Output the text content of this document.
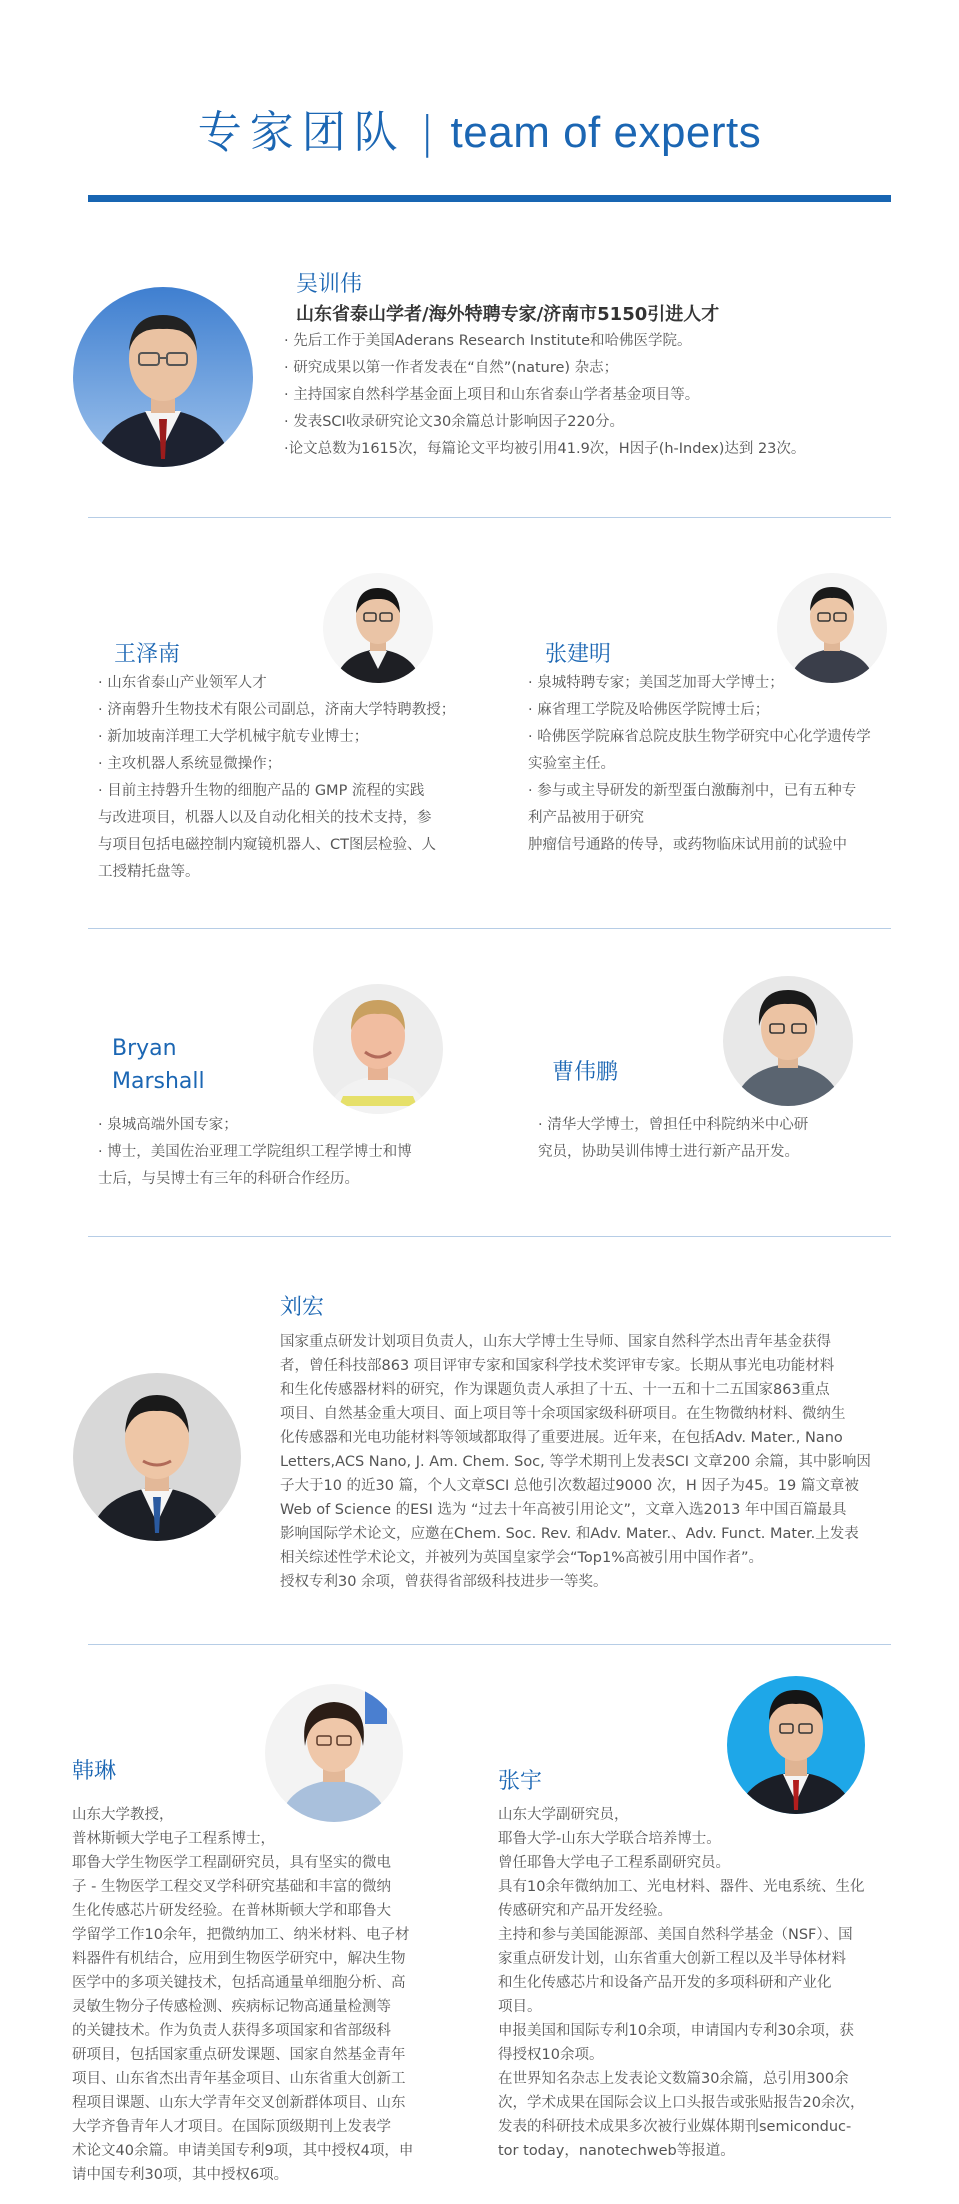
专家团队 | team of experts
吴训伟
山东省泰山学者/海外特聘专家/济南市5150引进人才
· 先后工作于美国Aderans Research Institute和哈佛医学院。
· 研究成果以第一作者发表在“自然”(nature) 杂志；
· 主持国家自然科学基金面上项目和山东省泰山学者基金项目等。
· 发表SCI收录研究论文30余篇总计影响因子220分。
·论文总数为1615次，每篇论文平均被引用41.9次，H因子(h-Index)达到 23次。
王泽南
· 山东省泰山产业领军人才
· 济南磐升生物技术有限公司副总，济南大学特聘教授；
· 新加坡南洋理工大学机械宇航专业博士；
· 主攻机器人系统显微操作；
· 目前主持磐升生物的细胞产品的 GMP 流程的实践
与改进项目，机器人以及自动化相关的技术支持，参
与项目包括电磁控制内窥镜机器人、CT图层检验、人
工授精托盘等。
张建明
· 泉城特聘专家；美国芝加哥大学博士；
· 麻省理工学院及哈佛医学院博士后；
· 哈佛医学院麻省总院皮肤生物学研究中心化学遗传学
实验室主任。
· 参与或主导研发的新型蛋白激酶剂中，已有五种专
利产品被用于研究
肿瘤信号通路的传导，或药物临床试用前的试验中
Bryan
Marshall
· 泉城高端外国专家；
· 博士，美国佐治亚理工学院组织工程学博士和博
士后，与吴博士有三年的科研合作经历。
曹伟鹏
· 清华大学博士，曾担任中科院纳米中心研
究员，协助吴训伟博士进行新产品开发。
刘宏
国家重点研发计划项目负责人，山东大学博士生导师、国家自然科学杰出青年基金获得
者，曾任科技部863 项目评审专家和国家科学技术奖评审专家。长期从事光电功能材料
和生化传感器材料的研究，作为课题负责人承担了十五、十一五和十二五国家863重点
项目、自然基金重大项目、面上项目等十余项国家级科研项目。在生物微纳材料、微纳生
化传感器和光电功能材料等领域都取得了重要进展。近年来，在包括Adv. Mater., Nano
Letters,ACS Nano, J. Am. Chem. Soc, 等学术期刊上发表SCI 文章200 余篇，其中影响因
子大于10 的近30 篇，个人文章SCI 总他引次数超过9000 次，H 因子为45。19 篇文章被
Web of Science 的ESI 选为 “过去十年高被引用论文”，文章入选2013 年中国百篇最具
影响国际学术论文，应邀在Chem. Soc. Rev. 和Adv. Mater.、Adv. Funct. Mater.上发表
相关综述性学术论文，并被列为英国皇家学会“Top1%高被引用中国作者”。
授权专利30 余项，曾获得省部级科技进步一等奖。
韩琳
山东大学教授，
普林斯顿大学电子工程系博士，
耶鲁大学生物医学工程副研究员，具有坚实的微电
子 - 生物医学工程交叉学科研究基础和丰富的微纳
生化传感芯片研发经验。在普林斯顿大学和耶鲁大
学留学工作10余年，把微纳加工、纳米材料、电子材
料器件有机结合，应用到生物医学研究中，解决生物
医学中的多项关键技术，包括高通量单细胞分析、高
灵敏生物分子传感检测、疾病标记物高通量检测等
的关键技术。作为负责人获得多项国家和省部级科
研项目，包括国家重点研发课题、国家自然基金青年
项目、山东省杰出青年基金项目、山东省重大创新工
程项目课题、山东大学青年交叉创新群体项目、山东
大学齐鲁青年人才项目。在国际顶级期刊上发表学
术论文40余篇。申请美国专利9项，其中授权4项，申
请中国专利30项，其中授权6项。
张宇
山东大学副研究员，
耶鲁大学-山东大学联合培养博士。
曾任耶鲁大学电子工程系副研究员。
具有10余年微纳加工、光电材料、器件、光电系统、生化
传感研究和产品开发经验。
主持和参与美国能源部、美国自然科学基金（NSF）、国
家重点研发计划，山东省重大创新工程以及半导体材料
和生化传感芯片和设备产品开发的多项科研和产业化
项目。
申报美国和国际专利10余项，申请国内专利30余项，获
得授权10余项。
在世界知名杂志上发表论文数篇30余篇，总引用300余
次，学术成果在国际会议上口头报告或张贴报告20余次，
发表的科研技术成果多次被行业媒体期刊semiconduc-
tor today，nanotechweb等报道。
